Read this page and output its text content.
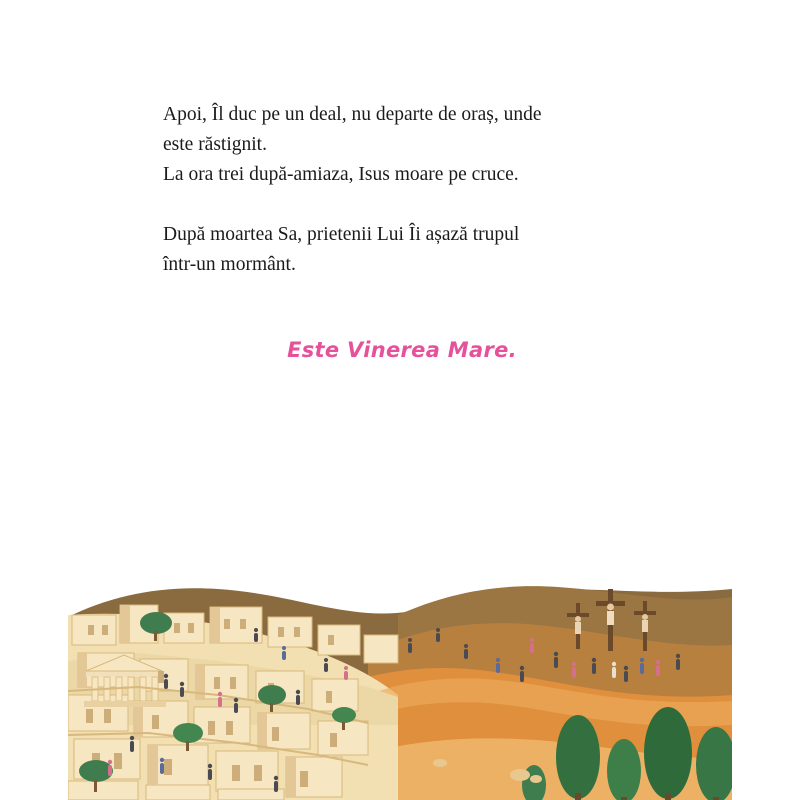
Apoi, Îl duc pe un deal, nu departe de oraș, unde
este răstignit.
La ora trei după-amiaza, Isus moare pe cruce.

După moartea Sa, prietenii Lui Îi așază trupul
într-un mormânt.

Este Vinerea Mare.
